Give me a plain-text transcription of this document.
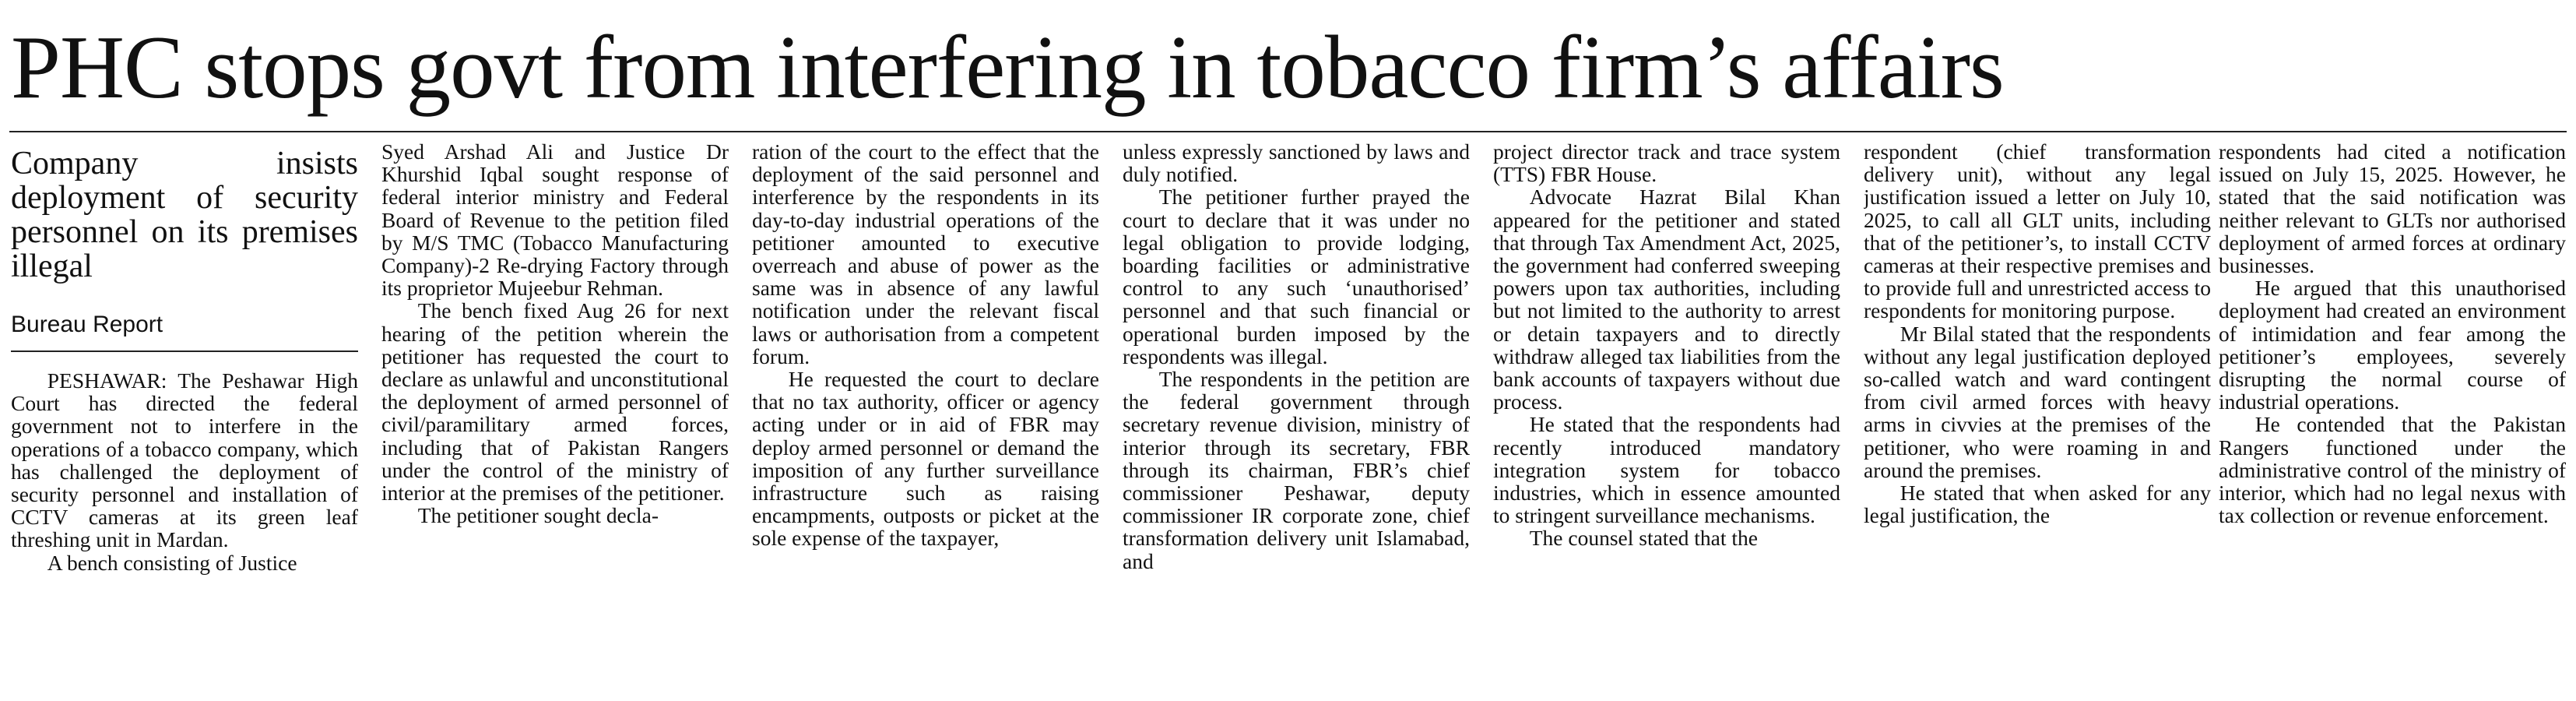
PHC stops govt from interfering in tobacco firm’s affairs
Company insists deployment of security personnel on its premises illegal
Bureau Report

PESHAWAR: The Peshawar High Court has directed the federal government not to interfere in the operations of a tobacco company, which has challenged the deployment of security personnel and installation of CCTV cameras at its green leaf threshing unit in Mardan.

A bench consisting of Justice

Syed Arshad Ali and Justice Dr Khurshid Iqbal sought response of federal interior ministry and Federal Board of Revenue to the petition filed by M/S TMC (Tobacco Manufacturing Company)-2 Re-drying Factory through its proprietor Mujeebur Rehman.

The bench fixed Aug 26 for next hearing of the petition wherein the petitioner has requested the court to declare as unlawful and unconstitutional the deployment of armed personnel of civil/paramilitary armed forces, including that of Pakistan Rangers under the control of the ministry of interior at the premises of the petitioner.

The petitioner sought decla-

ration of the court to the effect that the deployment of the said personnel and interference by the respondents in its day-to-day industrial operations of the petitioner amounted to executive overreach and abuse of power as the same was in absence of any lawful notification under the relevant fiscal laws or authorisation from a competent forum.

He requested the court to declare that no tax authority, officer or agency acting under or in aid of FBR may deploy armed personnel or demand the imposition of any further surveillance infrastructure such as raising encampments, outposts or picket at the sole expense of the taxpayer,

unless expressly sanctioned by laws and duly notified.

The petitioner further prayed the court to declare that it was under no legal obligation to provide lodging, boarding facilities or administrative control to any such ‘unauthorised’ personnel and that such financial or operational burden imposed by the respondents was illegal.

The respondents in the petition are the federal government through secretary revenue division, ministry of interior through its secretary, FBR through its chairman, FBR’s chief commissioner Peshawar, deputy commissioner IR corporate zone, chief transformation delivery unit Islamabad, and

project director track and trace system (TTS) FBR House.

Advocate Hazrat Bilal Khan appeared for the petitioner and stated that through Tax Amendment Act, 2025, the government had conferred sweeping powers upon tax authorities, including but not limited to the authority to arrest or detain taxpayers and to directly withdraw alleged tax liabilities from the bank accounts of taxpayers without due process.

He stated that the respondents had recently introduced mandatory integration system for tobacco industries, which in essence amounted to stringent surveillance mechanisms.

The counsel stated that the

respondent (chief transformation delivery unit), without any legal justification issued a letter on July 10, 2025, to call all GLT units, including that of the petitioner’s, to install CCTV cameras at their respective premises and to provide full and unrestricted access to respondents for monitoring purpose.

Mr Bilal stated that the respondents without any legal justification deployed so-called watch and ward contingent from civil armed forces with heavy arms in civvies at the premises of the petitioner, who were roaming in and around the premises.

He stated that when asked for any legal justification, the

respondents had cited a notification issued on July 15, 2025. However, he stated that the said notification was neither relevant to GLTs nor authorised deployment of armed forces at ordinary businesses.

He argued that this unauthorised deployment had created an environment of intimidation and fear among the petitioner’s employees, severely disrupting the normal course of industrial operations.

He contended that the Pakistan Rangers functioned under the administrative control of the ministry of interior, which had no legal nexus with tax collection or revenue enforcement.
